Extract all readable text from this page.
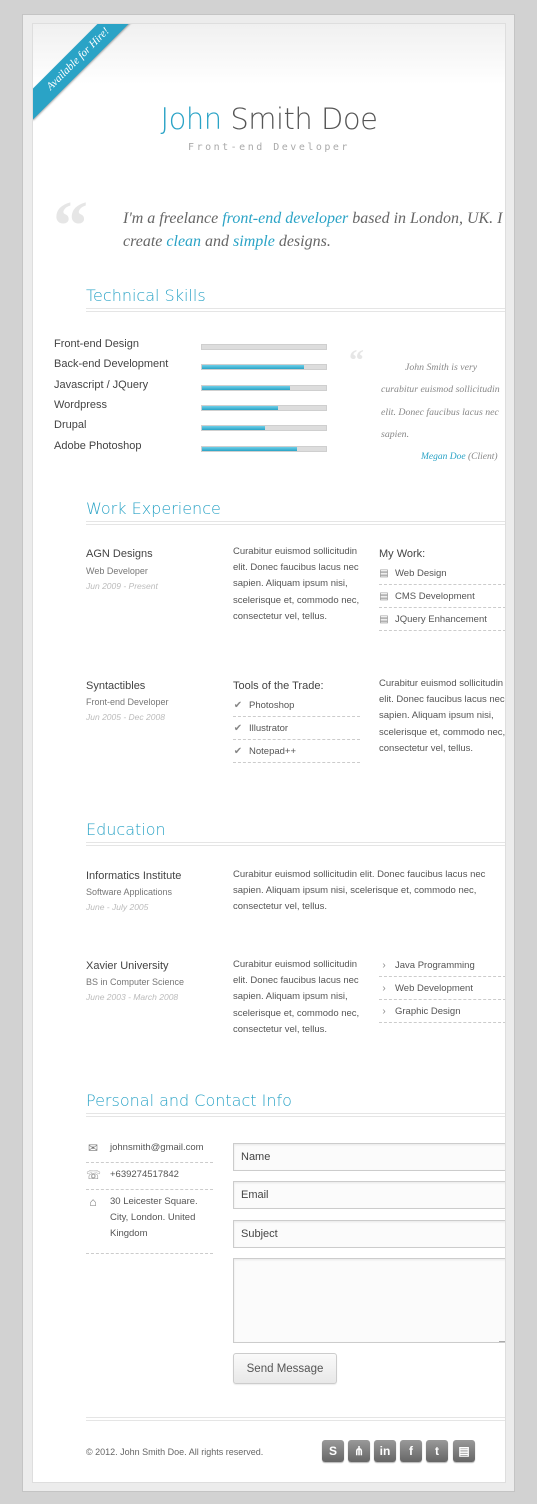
Available for Hire!
John Smith Doe
Front-end Developer
“ I'm a freelance front-end developer based in London, UK. I create clean and simple designs.
Technical Skills
Front-end Design
Back-end Development
Javascript / JQuery
Wordpress
Drupal
Adobe Photoshop
“	John Smith is very curabitur euismod sollicitudin elit. Donec faucibus lacus nec sapien.
Megan Doe (Client)
Work Experience
AGN Designs
Web Developer
Jun 2009 - Present
Curabitur euismod sollicitudin elit. Donec faucibus lacus nec sapien. Aliquam ipsum nisi, scelerisque et, commodo nec, consectetur vel, tellus.
My Work:
▤ Web Design
▤ CMS Development
▤ JQuery Enhancement
Syntactibles
Front-end Developer
Jun 2005 - Dec 2008
Tools of the Trade:
✔ Photoshop
✔ Illustrator
✔ Notepad++
Curabitur euismod sollicitudin elit. Donec faucibus lacus nec sapien. Aliquam ipsum nisi, scelerisque et, commodo nec, consectetur vel, tellus.
Education
Informatics Institute
Software Applications
June - July 2005
Curabitur euismod sollicitudin elit. Donec faucibus lacus nec sapien. Aliquam ipsum nisi, scelerisque et, commodo nec, consectetur vel, tellus.
Xavier University
BS in Computer Science
June 2003 - March 2008
Curabitur euismod sollicitudin elit. Donec faucibus lacus nec sapien. Aliquam ipsum nisi, scelerisque et, commodo nec, consectetur vel, tellus.
› Java Programming
› Web Development
› Graphic Design
Personal and Contact Info
✉ johnsmith@gmail.com
☏ +639274517842
⌂	30 Leicester Square. City, London. United Kingdom
Name
Email
Subject
Send Message
© 2012. John Smith Doe. All rights reserved.	S	⋔	in	f	t	▤
